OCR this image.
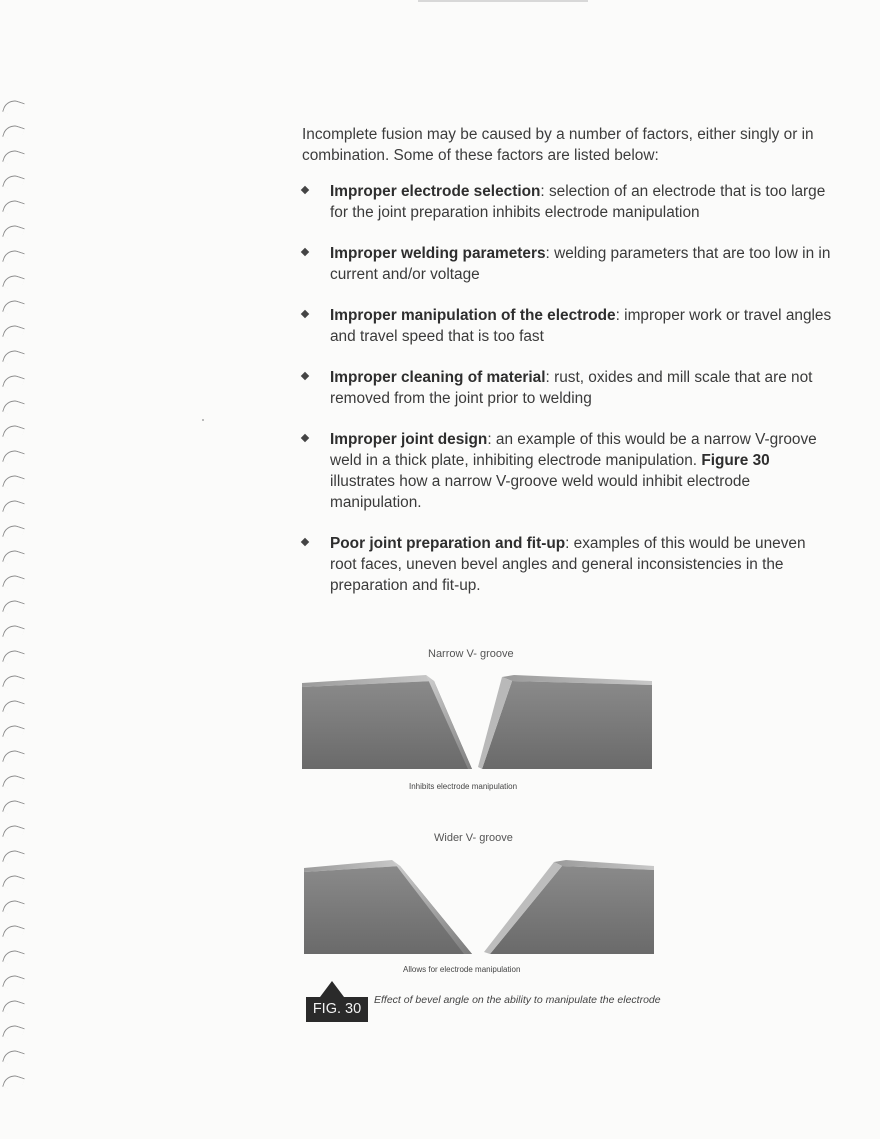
Incomplete fusion may be caused by a number of factors, either singly or in combination. Some of these factors are listed below:

Improper electrode selection: selection of an electrode that is too large for the joint preparation inhibits electrode manipulation
Improper welding parameters: welding parameters that are too low in in current and/or voltage
Improper manipulation of the electrode: improper work or travel angles and travel speed that is too fast
Improper cleaning of material: rust, oxides and mill scale that are not removed from the joint prior to welding
Improper joint design: an example of this would be a narrow V-groove weld in a thick plate, inhibiting electrode manipulation. Figure 30 illustrates how a narrow V-groove weld would inhibit electrode manipulation.
Poor joint preparation and fit-up: examples of this would be uneven root faces, uneven bevel angles and general inconsistencies in the preparation and fit-up.
Narrow V- groove
Inhibits electrode manipulation
Wider V- groove
Allows for electrode manipulation
FIG. 30
Effect of bevel angle on the ability to manipulate the electrode
